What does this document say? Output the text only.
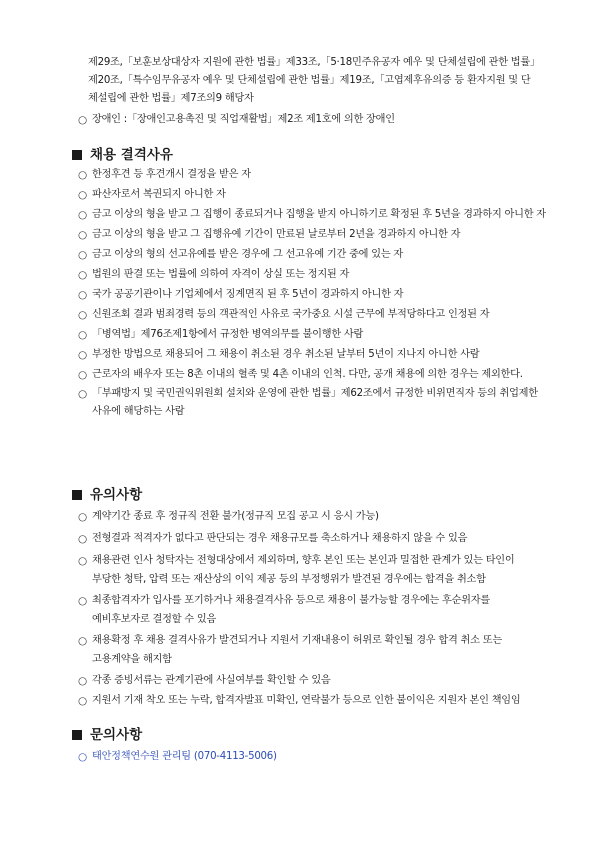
제29조,「보훈보상대상자 지원에 관한 법률」제33조,「5·18민주유공자 예우 및 단체설립에 관한 법률」
제20조,「특수임무유공자 예우 및 단체설립에 관한 법률」제19조,「고엽제후유의증 등 환자지원 및 단
체설립에 관한 법률」제7조의9 해당자
○ 장애인 :「장애인고용촉진 및 직업재활법」제2조 제1호에 의한 장애인
채용 결격사유
○ 한정후견 등 후견개시 결정을 받은 자
○ 파산자로서 복권되지 아니한 자
○ 금고 이상의 형을 받고 그 집행이 종료되거나 집행을 받지 아니하기로 확정된 후 5년을 경과하지 아니한 자
○ 금고 이상의 형을 받고 그 집행유예 기간이 만료된 날로부터 2년을 경과하지 아니한 자
○ 금고 이상의 형의 선고유예를 받은 경우에 그 선고유예 기간 중에 있는 자
○ 법원의 판결 또는 법률에 의하여 자격이 상실 또는 정지된 자
○ 국가 공공기관이나 기업체에서 징계면직 된 후 5년이 경과하지 아니한 자
○ 신원조회 결과 범죄경력 등의 객관적인 사유로 국가중요 시설 근무에 부적당하다고 인정된 자
○ 「병역법」제76조제1항에서 규정한 병역의무를 불이행한 사람
○ 부정한 방법으로 채용되어 그 채용이 취소된 경우 취소된 날부터 5년이 지나지 아니한 사람
○ 근로자의 배우자 또는 8촌 이내의 혈족 및 4촌 이내의 인척. 다만, 공개 채용에 의한 경우는 제외한다.
○ 「부패방지 및 국민권익위원회 설치와 운영에 관한 법률」제62조에서 규정한 비위면직자 등의 취업제한
사유에 해당하는 사람
유의사항
○ 계약기간 종료 후 정규직 전환 불가(정규직 모집 공고 시 응시 가능)
○ 전형결과 적격자가 없다고 판단되는 경우 채용규모를 축소하거나 채용하지 않을 수 있음
○ 채용관련 인사 청탁자는 전형대상에서 제외하며, 향후 본인 또는 본인과 밀접한 관계가 있는 타인이
부당한 청탁, 압력 또는 재산상의 이익 제공 등의 부정행위가 발견된 경우에는 합격을 취소함
○ 최종합격자가 입사를 포기하거나 채용결격사유 등으로 채용이 불가능할 경우에는 후순위자를
예비후보자로 결정할 수 있음
○ 채용확정 후 채용 결격사유가 발견되거나 지원서 기재내용이 허위로 확인될 경우 합격 취소 또는
고용계약을 해지함
○ 각종 증빙서류는 관계기관에 사실여부를 확인할 수 있음
○ 지원서 기재 착오 또는 누락, 합격자발표 미확인, 연락불가 등으로 인한 불이익은 지원자 본인 책임임
문의사항
○ 태안정책연수원 관리팀 (070-4113-5006)
